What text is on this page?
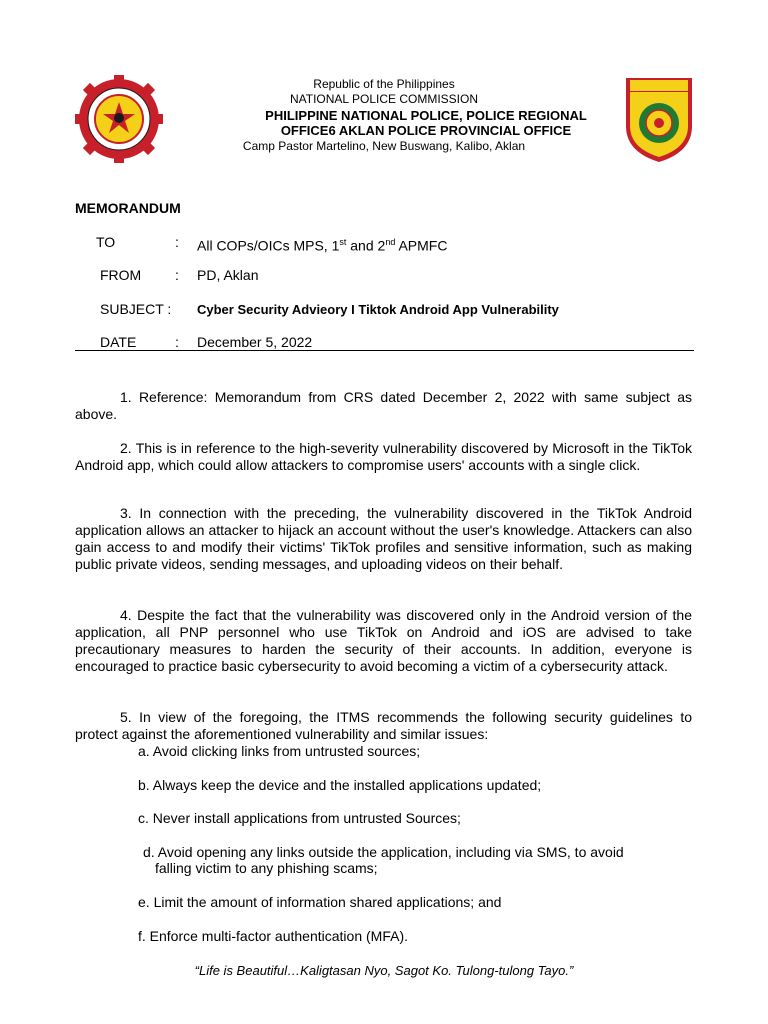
Republic of the Philippines
NATIONAL POLICE COMMISSION
PHILIPPINE NATIONAL POLICE, POLICE REGIONAL
OFFICE6 AKLAN POLICE PROVINCIAL OFFICE
Camp Pastor Martelino, New Buswang, Kalibo, Aklan
MEMORANDUM
TO	: All COPs/OICs MPS, 1st and 2nd APMFC
FROM : PD, Aklan
SUBJECT : Cyber Security Advieory I Tiktok Android App Vulnerability
DATE	: December 5, 2022
1. Reference: Memorandum from CRS dated December 2, 2022 with same subject as above.
2. This is in reference to the high-severity vulnerability discovered by Microsoft in the TikTok Android app, which could allow attackers to compromise users' accounts with a single click.
3. In connection with the preceding, the vulnerability discovered in the TikTok Android application allows an attacker to hijack an account without the user's knowledge. Attackers can also gain access to and modify their victims' TikTok profiles and sensitive information, such as making public private videos, sending messages, and uploading videos on their behalf.
4. Despite the fact that the vulnerability was discovered only in the Android version of the application, all PNP personnel who use TikTok on Android and iOS are advised to take precautionary measures to harden the security of their accounts. In addition, everyone is encouraged to practice basic cybersecurity to avoid becoming a victim of a cybersecurity attack.
5. In view of the foregoing, the ITMS recommends the following security guidelines to protect against the aforementioned vulnerability and similar issues:
a. Avoid clicking links from untrusted sources;
b. Always keep the device and the installed applications updated;
c. Never install applications from untrusted Sources;
d. Avoid opening any links outside the application, including via SMS, to avoid
falling victim to any phishing scams;
e. Limit the amount of information shared applications; and
f. Enforce multi-factor authentication (MFA).
“Life is Beautiful…Kaligtasan Nyo, Sagot Ko. Tulong-tulong Tayo.”
